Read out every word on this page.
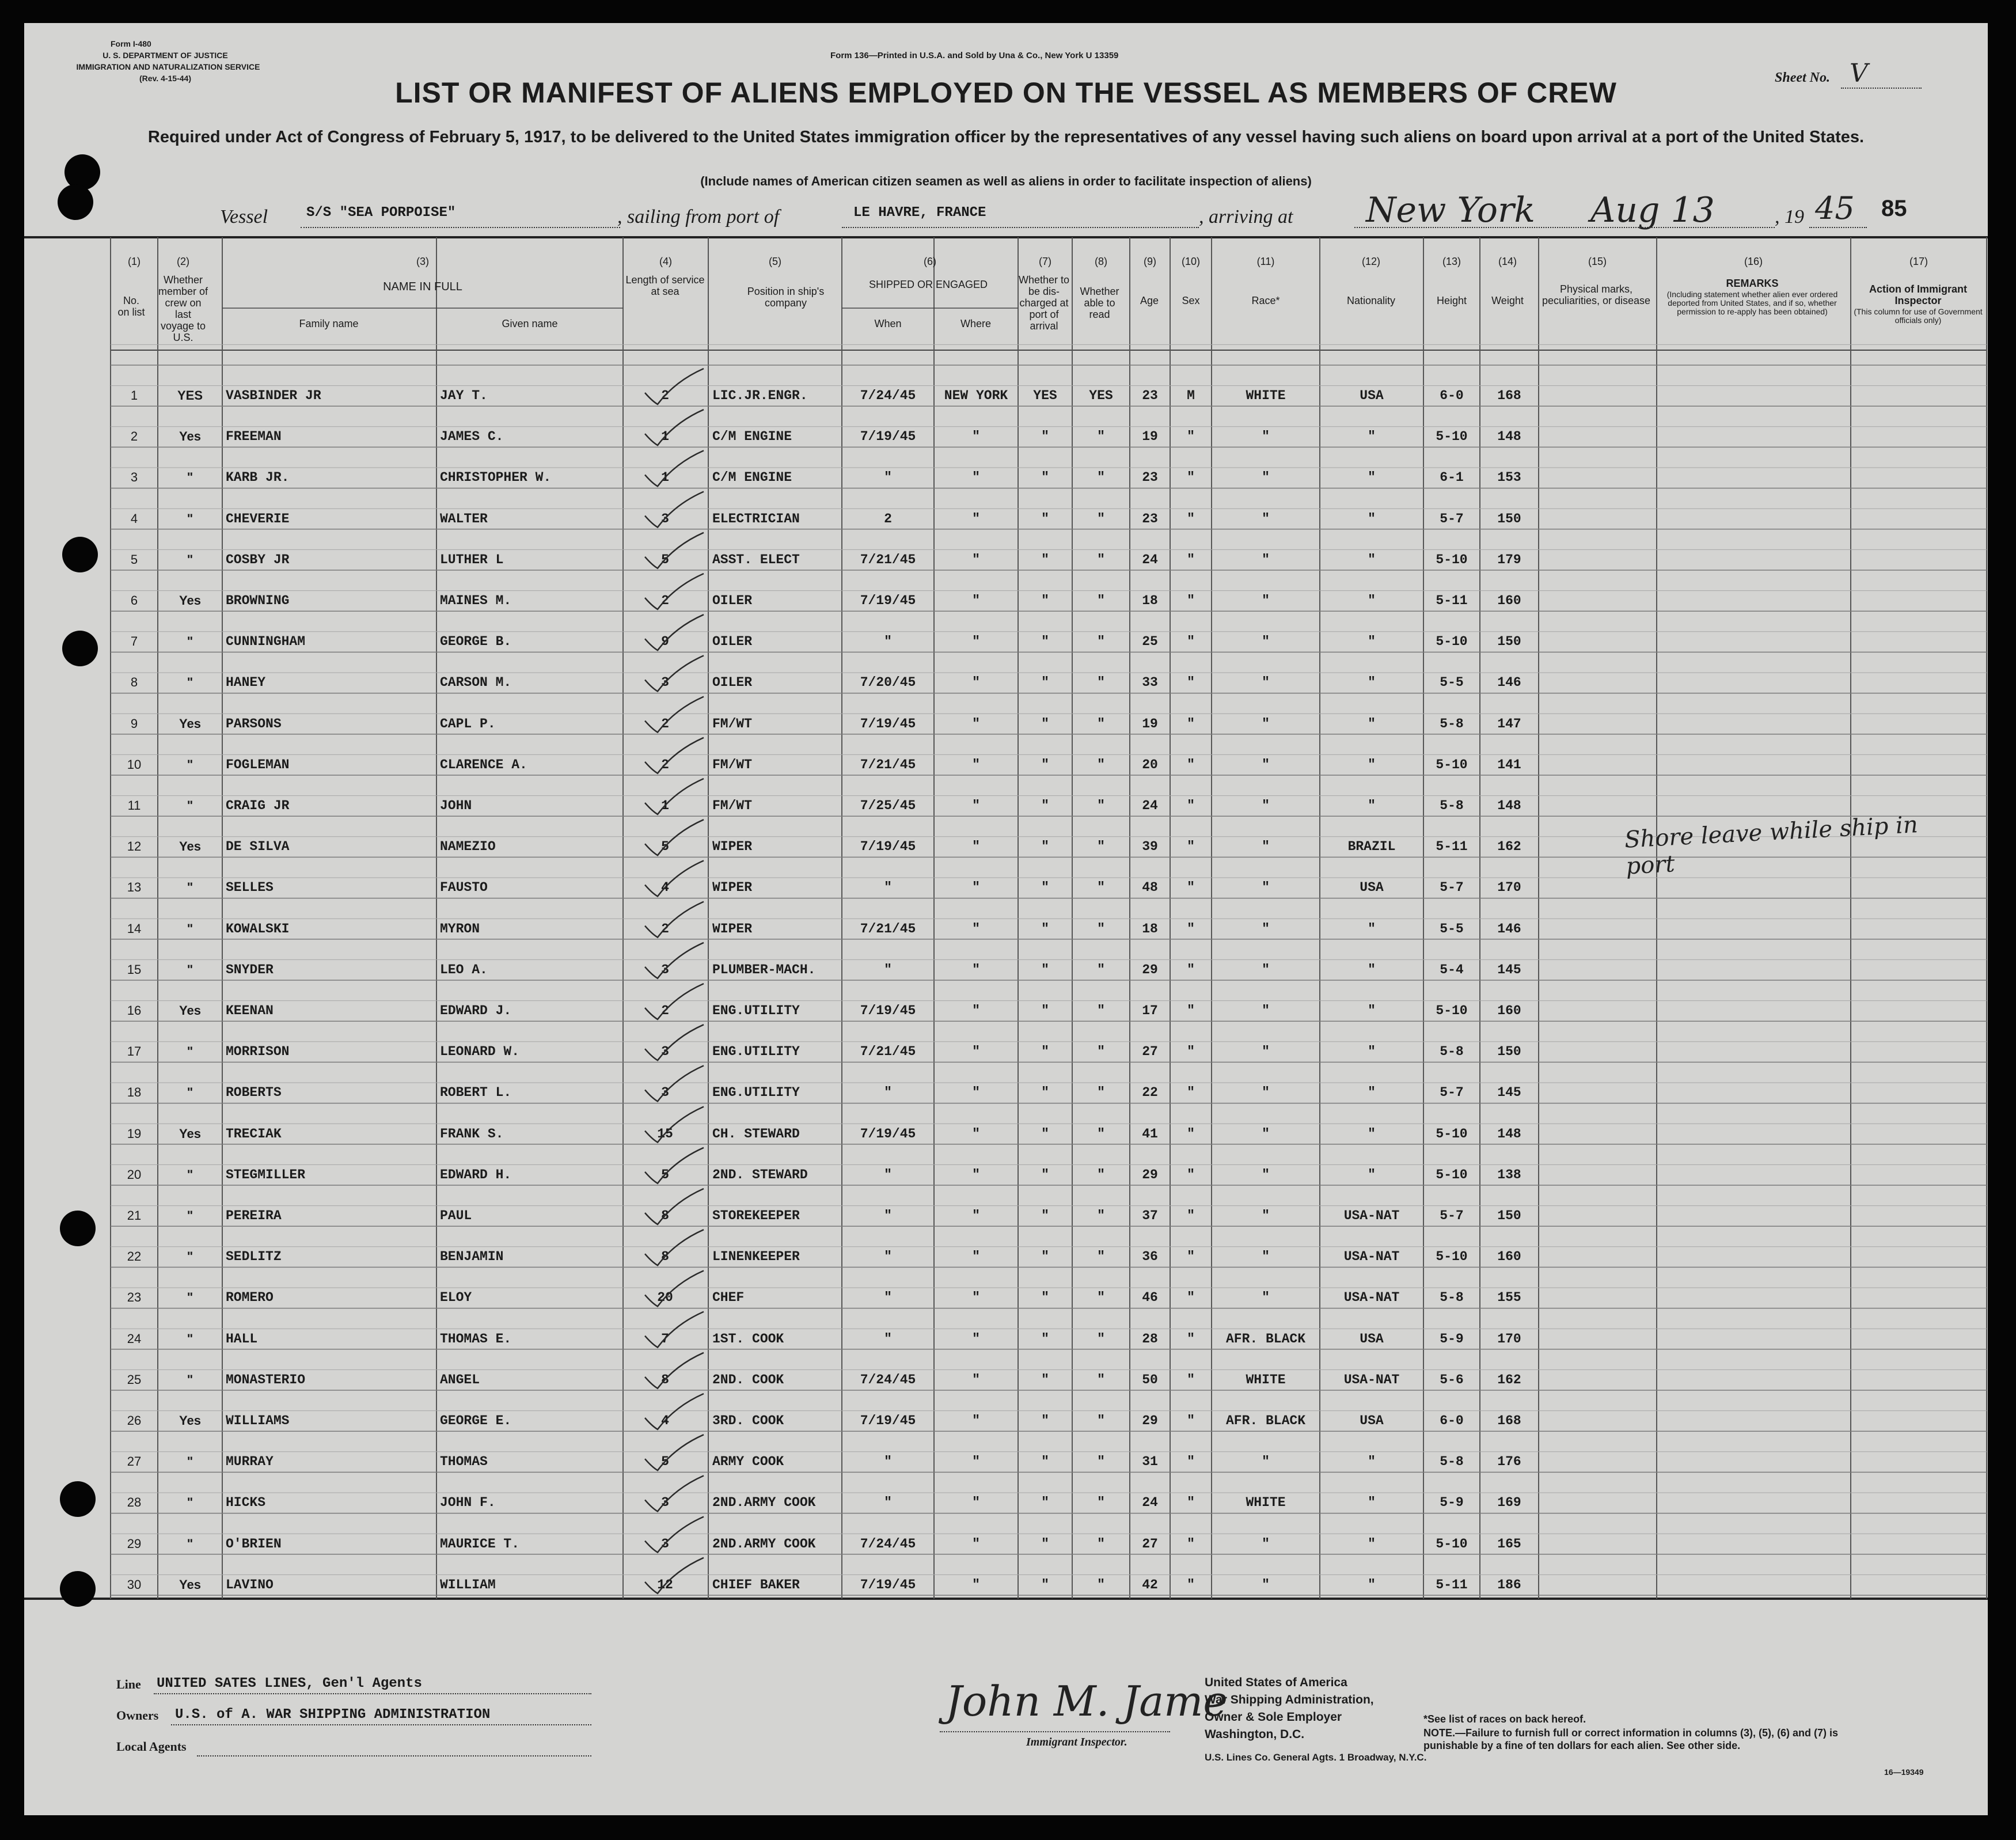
Form I-480
U. S. DEPARTMENT OF JUSTICE
IMMIGRATION AND NATURALIZATION SERVICE
(Rev. 4-15-44)
Form 136—Printed in U.S.A. and Sold by Una & Co., New York U 13359
Sheet No. V
LIST OR MANIFEST OF ALIENS EMPLOYED ON THE VESSEL AS MEMBERS OF CREW
Required under Act of Congress of February 5, 1917, to be delivered to the United States immigration officer by the representatives of any vessel having such aliens on board upon arrival at a port of the United States.
(Include names of American citizen seamen as well as aliens in order to facilitate inspection of aliens)
Vessel	S/S "SEA PORPOISE"	, sailing from port of	LE HAVRE, FRANCE	, arriving at New York Aug 13	, 19 45 85
(1)	(2)	(3)	(4)	(5)	(6)	(7)	(8)	(9)	(10)	(11)	(12)	(13)	(14)	(15)	(16)	(17)
No. on list
Whether member of crew on last voyage to U.S.
NAME IN FULL
Family name	Given name
Length of service at sea	Position in ship's company
SHIPPED OR ENGAGED
When	Where
Whether to be dis-charged at port of arrival
Whether able to read
Age	Sex	Race*	Nationality	Height	Weight
Physical marks, peculiarities, or disease
REMARKS
(Including statement whether alien ever ordered deported from United States, and if so, whether permission to re-apply has been obtained)
Action of Immigrant Inspector
(This column for use of Government officials only)
1	YES	VASBINDER JR	JAY T.	2	LIC.JR.ENGR.	7/24/45	NEW YORK	YES	YES	23	M	WHITE	USA	6-0	168
2	Yes	FREEMAN	JAMES C.	1	C/M ENGINE	7/19/45	"	"	"	19	"	"	"	5-10	148
3	"	KARB JR.	CHRISTOPHER W.	1	C/M ENGINE	"	"	"	"	23	"	"	"	6-1	153
4	"	CHEVERIE	WALTER	3	ELECTRICIAN	2	"	"	"	23	"	"	"	5-7	150
5	"	COSBY JR	LUTHER L	5	ASST. ELECT	7/21/45	"	"	"	24	"	"	"	5-10	179
6	Yes	BROWNING	MAINES M.	2	OILER	7/19/45	"	"	"	18	"	"	"	5-11	160
7	"	CUNNINGHAM	GEORGE B.	9	OILER	"	"	"	"	25	"	"	"	5-10	150
8	"	HANEY	CARSON M.	3	OILER	7/20/45	"	"	"	33	"	"	"	5-5	146
9	Yes	PARSONS	CAPL P.	2	FM/WT	7/19/45	"	"	"	19	"	"	"	5-8	147
10	"	FOGLEMAN	CLARENCE A.	2	FM/WT	7/21/45	"	"	"	20	"	"	"	5-10	141
11	"	CRAIG JR	JOHN	1	FM/WT	7/25/45	"	"	"	24	"	"	"	5-8	148
12	Yes	DE SILVA	NAMEZIO	5	WIPER	7/19/45	"	"	"	39	"	"	BRAZIL	5-11	162
13	"	SELLES	FAUSTO	4	WIPER	"	"	"	"	48	"	"	USA	5-7	170
14	"	KOWALSKI	MYRON	2	WIPER	7/21/45	"	"	"	18	"	"	"	5-5	146
15	"	SNYDER	LEO A.	3	PLUMBER-MACH.	"	"	"	"	29	"	"	"	5-4	145
16	Yes	KEENAN	EDWARD J.	2	ENG.UTILITY	7/19/45	"	"	"	17	"	"	"	5-10	160
17	"	MORRISON	LEONARD W.	3	ENG.UTILITY	7/21/45	"	"	"	27	"	"	"	5-8	150
18	"	ROBERTS	ROBERT L.	3	ENG.UTILITY	"	"	"	"	22	"	"	"	5-7	145
19	Yes	TRECIAK	FRANK S.	15	CH. STEWARD	7/19/45	"	"	"	41	"	"	"	5-10	148
20	"	STEGMILLER	EDWARD H.	5	2ND. STEWARD	"	"	"	"	29	"	"	"	5-10	138
21	"	PEREIRA	PAUL	8	STOREKEEPER	"	"	"	"	37	"	"	USA-NAT	5-7	150
22	"	SEDLITZ	BENJAMIN	8	LINENKEEPER	"	"	"	"	36	"	"	USA-NAT	5-10	160
23	"	ROMERO	ELOY	20	CHEF	"	"	"	"	46	"	"	USA-NAT	5-8	155
24	"	HALL	THOMAS E.	7	1ST. COOK	"	"	"	"	28	"	AFR. BLACK	USA	5-9	170
25	"	MONASTERIO	ANGEL	8	2ND. COOK	7/24/45	"	"	"	50	"	WHITE	USA-NAT	5-6	162
26	Yes	WILLIAMS	GEORGE E.	4	3RD. COOK	7/19/45	"	"	"	29	"	AFR. BLACK	USA	6-0	168
27	"	MURRAY	THOMAS	5	ARMY COOK	"	"	"	"	31	"	"	"	5-8	176
28	"	HICKS	JOHN F.	3	2ND.ARMY COOK	"	"	"	"	24	"	WHITE	"	5-9	169
29	"	O'BRIEN	MAURICE T.	3	2ND.ARMY COOK	7/24/45	"	"	"	27	"	"	"	5-10	165
30	Yes	LAVINO	WILLIAM	12	CHIEF BAKER	7/19/45	"	"	"	42	"	"	"	5-11	186
Shore leave while ship in port
Line UNITED SATES LINES, Gen'l Agents
Owners U.S. of A. WAR SHIPPING ADMINISTRATION
Local Agents
John M. Jame
Immigrant Inspector.
United States of America
War Shipping Administration,
Owner & Sole Employer
Washington, D.C.
U.S. Lines Co. General Agts. 1 Broadway, N.Y.C.
*See list of races on back hereof.
NOTE.—Failure to furnish full or correct information in columns (3), (5), (6) and (7) is punishable by a fine of ten dollars for each alien. See other side.
16—19349
